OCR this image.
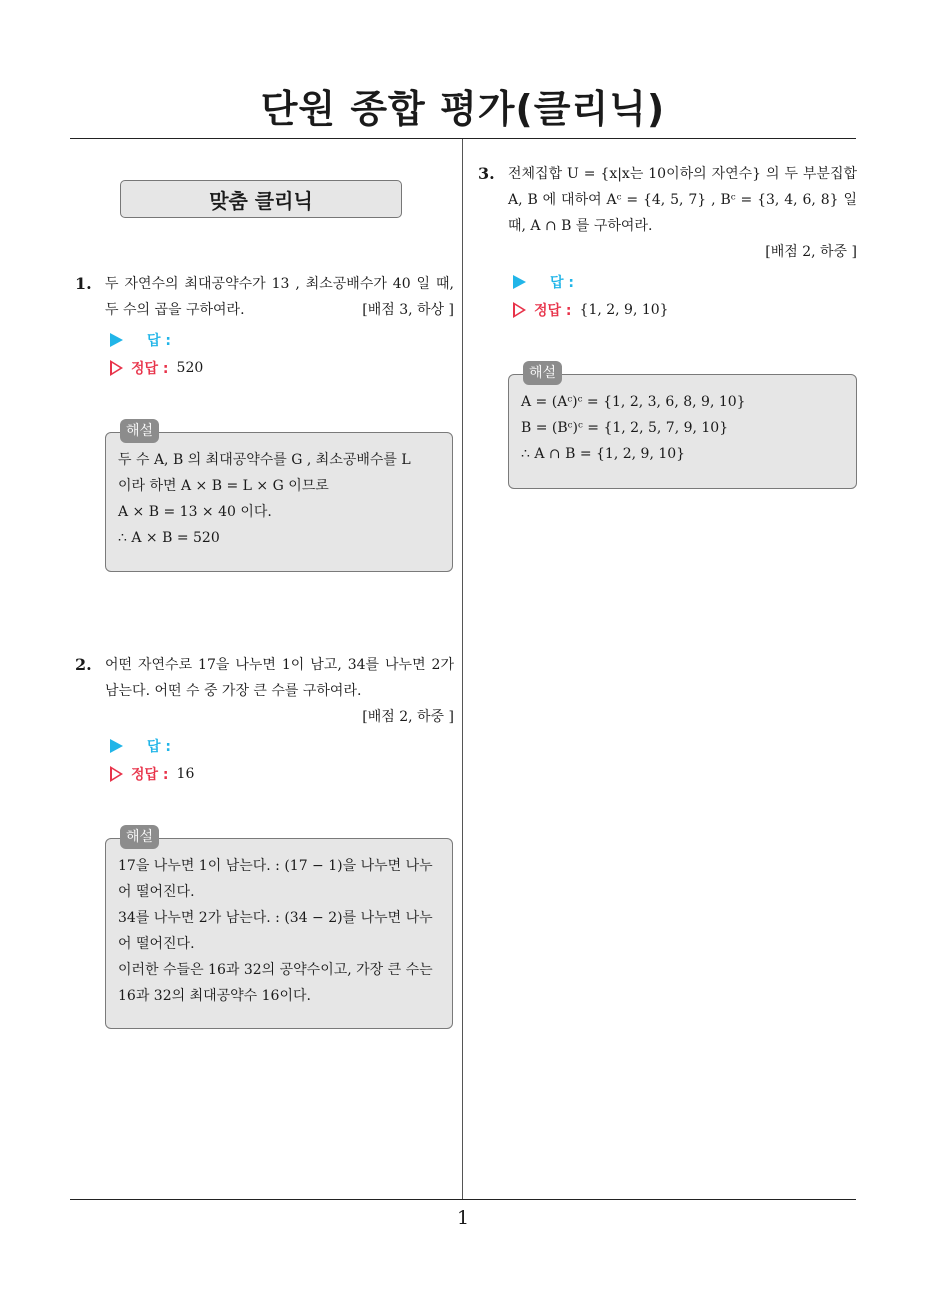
단원 종합 평가(클리닉)
맞춤 클리닉
1. 두 자연수의 최대공약수가 13 , 최소공배수가 40 일 때, 두 수의 곱을 구하여라.	[배점 3, 하상 ]
답 :
정답 : 520
해설
두 수 A, B 의 최대공약수를 G , 최소공배수를 L
이라 하면 A × B = L × G 이므로
A × B = 13 × 40 이다.
∴ A × B = 520
2. 어떤 자연수로 17을 나누면 1이 남고, 34를 나누면 2가 남는다. 어떤 수 중 가장 큰 수를 구하여라.
[배점 2, 하중 ]
답 :
정답 : 16
해설
17을 나누면 1이 남는다. : (17 − 1)을 나누면 나누어 떨어진다.
34를 나누면 2가 남는다. : (34 − 2)를 나누면 나누어 떨어진다.
이러한 수들은 16과 32의 공약수이고, 가장 큰 수는 16과 32의 최대공약수 16이다.
3. 전체집합 U = {x|x는 10이하의 자연수} 의 두 부분집합 A, B 에 대하여 Aᶜ = {4, 5, 7} , Bᶜ = {3, 4, 6, 8} 일 때, A ∩ B 를 구하여라.
[배점 2, 하중 ]
답 :
정답 : {1, 2, 9, 10}
해설
A = (Aᶜ)ᶜ = {1, 2, 3, 6, 8, 9, 10}
B = (Bᶜ)ᶜ = {1, 2, 5, 7, 9, 10}
∴ A ∩ B = {1, 2, 9, 10}
1
